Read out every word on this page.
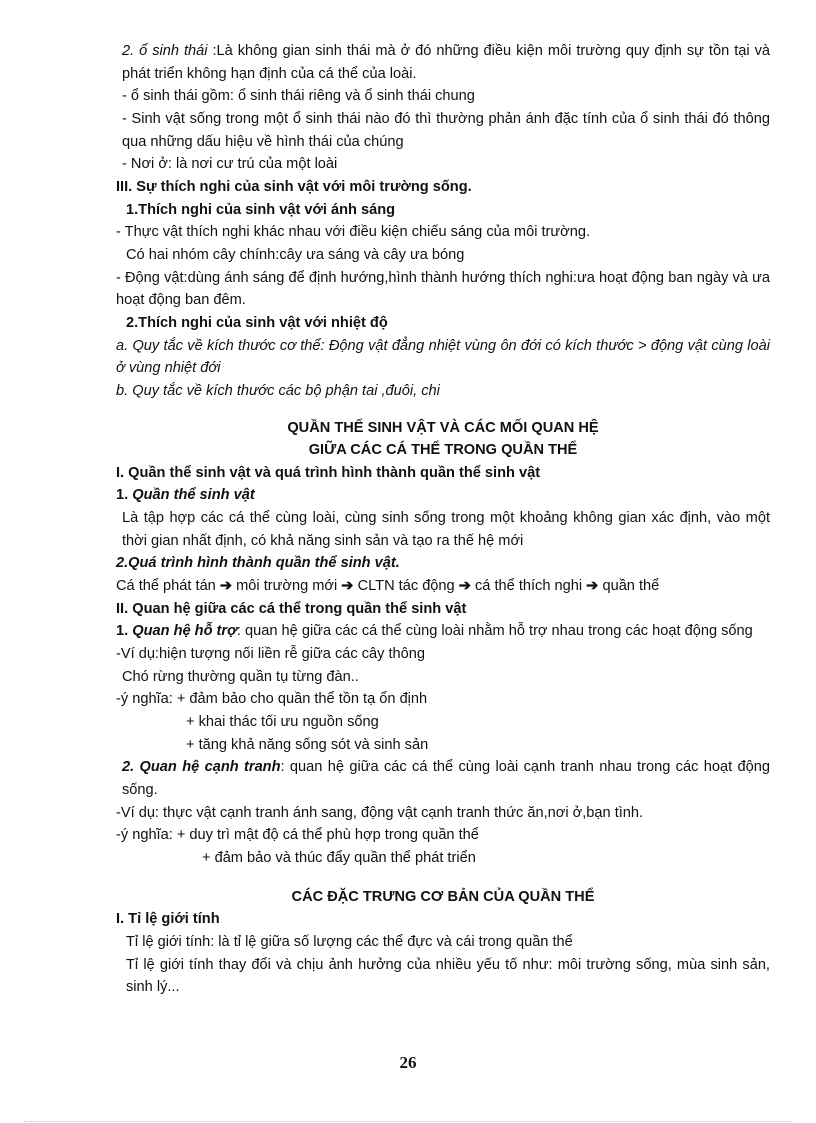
2. ổ sinh thái :Là không gian sinh thái mà ở đó những điều kiện môi trường quy định sự tồn tại và phát triển không hạn định của cá thể của loài.

- ổ sinh thái gồm: ổ sinh thái riêng và ổ sinh thái chung

- Sinh vật sống trong một ổ sinh thái nào đó thì thường phản ánh đặc tính của ổ sinh thái đó thông qua những dấu hiệu về hình thái của chúng

- Nơi ở: là nơi cư trú của một loài

III. Sự thích nghi của sinh vật với môi trường sống.

1.Thích nghi của sinh vật với ánh sáng

- Thực vật thích nghi khác nhau với điều kiện chiếu sáng của môi trường.

Có hai nhóm cây chính:cây ưa sáng và cây ưa bóng

- Động vật:dùng ánh sáng để định hướng,hình thành hướng thích nghi:ưa hoạt động ban ngày và ưa hoạt động ban đêm.

2.Thích nghi của sinh vật với nhiệt độ

a. Quy tắc về kích thước cơ thể: Động vật đẳng nhiệt vùng ôn đới có kích thước > động vật cùng loài ở vùng nhiệt đới

b. Quy tắc về kích thước các bộ phận tai ,đuôi, chi

QUẦN THỂ SINH VẬT VÀ CÁC MỐI QUAN HỆ

GIỮA CÁC CÁ THỂ TRONG QUẦN THỂ

I. Quần thể sinh vật và quá trình hình thành quần thể sinh vật

1. Quần thể sinh vật

Là tập hợp các cá thể cùng loài, cùng sinh sống trong một khoảng không gian xác định, vào một thời gian nhất định, có khả năng sinh sản và tạo ra thế hệ mới

2.Quá trình hình thành quần thể sinh vật.

Cá thể phát tán ➔ môi trường mới ➔ CLTN tác động ➔ cá thể thích nghi ➔ quần thể

II. Quan hệ giữa các cá thể trong quần thể sinh vật

1. Quan hệ hỗ trợ: quan hệ giữa các cá thể cùng loài nhằm hỗ trợ nhau trong các hoạt động sống

-Ví dụ:hiện tượng nối liền rễ giữa các cây thông

Chó rừng thường quần tụ từng đàn..

-ý nghĩa: + đảm bảo cho quần thể tồn tạ ổn định

+ khai thác tối ưu nguồn sống

+ tăng khả năng sống sót và sinh sản

2. Quan hệ cạnh tranh: quan hệ giữa các cá thể cùng loài cạnh tranh nhau trong các hoạt động sống.

-Ví dụ: thực vật cạnh tranh ánh sang, động vật cạnh tranh thức ăn,nơi ở,bạn tình.

-ý nghĩa: + duy trì mật độ cá thể phù hợp trong quần thể

+ đảm bảo và thúc đẩy quần thể phát triển

CÁC ĐẶC TRƯNG CƠ BẢN CỦA QUẦN THỂ

I. Tỉ lệ giới tính

Tỉ lệ giới tính: là tỉ lệ giữa số lượng các thể đực và cái trong quần thể

Tỉ lệ giới tính thay đổi và chịu ảnh hưởng của nhiều yếu tố như: môi trường sống, mùa sinh sản, sinh lý...

26
